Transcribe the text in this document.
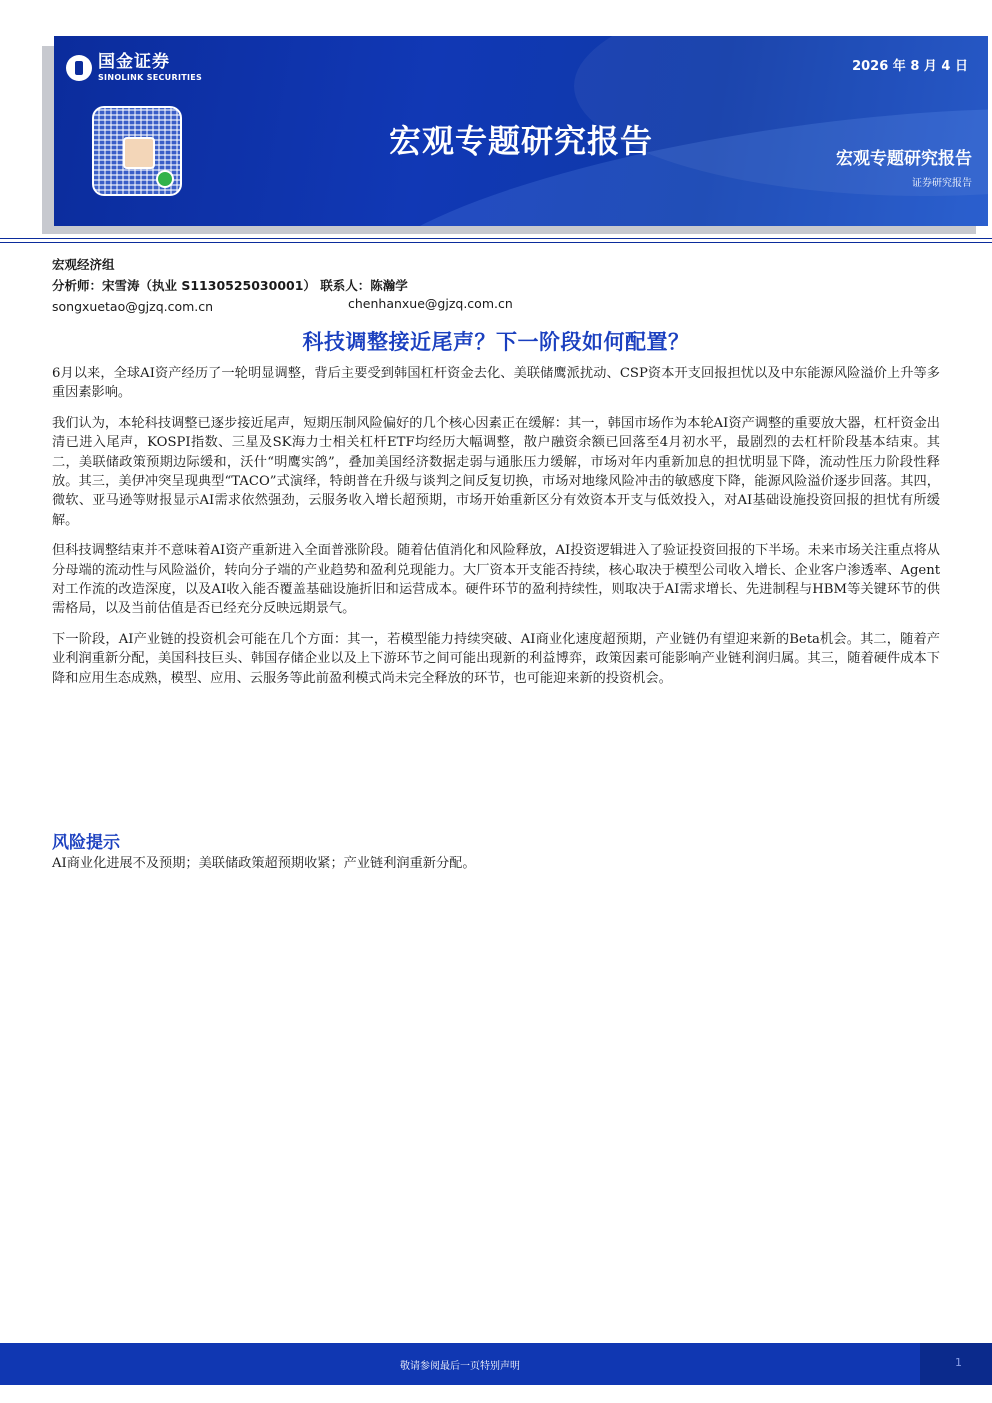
国金证券
SINOLINK SECURITIES
宏观专题研究报告
2026 年 8 月 4 日
宏观专题研究报告
证券研究报告
宏观经济组
分析师：宋雪涛（执业 S1130525030001） 联系人：陈瀚学
songxuetao@gjzq.com.cn	chenhanxue@gjzq.com.cn
科技调整接近尾声？下一阶段如何配置？

6月以来，全球AI资产经历了一轮明显调整，背后主要受到韩国杠杆资金去化、美联储鹰派扰动、CSP资本开支回报担忧以及中东能源风险溢价上升等多重因素影响。

我们认为，本轮科技调整已逐步接近尾声，短期压制风险偏好的几个核心因素正在缓解：其一，韩国市场作为本轮AI资产调整的重要放大器，杠杆资金出清已进入尾声，KOSPI指数、三星及SK海力士相关杠杆ETF均经历大幅调整，散户融资余额已回落至4月初水平，最剧烈的去杠杆阶段基本结束。其二，美联储政策预期边际缓和，沃什“明鹰实鸽”，叠加美国经济数据走弱与通胀压力缓解，市场对年内重新加息的担忧明显下降，流动性压力阶段性释放。其三，美伊冲突呈现典型“TACO”式演绎，特朗普在升级与谈判之间反复切换，市场对地缘风险冲击的敏感度下降，能源风险溢价逐步回落。其四，微软、亚马逊等财报显示AI需求依然强劲，云服务收入增长超预期，市场开始重新区分有效资本开支与低效投入，对AI基础设施投资回报的担忧有所缓解。

但科技调整结束并不意味着AI资产重新进入全面普涨阶段。随着估值消化和风险释放，AI投资逻辑进入了验证投资回报的下半场。未来市场关注重点将从分母端的流动性与风险溢价，转向分子端的产业趋势和盈利兑现能力。大厂资本开支能否持续，核心取决于模型公司收入增长、企业客户渗透率、Agent对工作流的改造深度，以及AI收入能否覆盖基础设施折旧和运营成本。硬件环节的盈利持续性，则取决于AI需求增长、先进制程与HBM等关键环节的供需格局，以及当前估值是否已经充分反映远期景气。

下一阶段，AI产业链的投资机会可能在几个方面：其一，若模型能力持续突破、AI商业化速度超预期，产业链仍有望迎来新的Beta机会。其二，随着产业利润重新分配，美国科技巨头、韩国存储企业以及上下游环节之间可能出现新的利益博弈，政策因素可能影响产业链利润归属。其三，随着硬件成本下降和应用生态成熟，模型、应用、云服务等此前盈利模式尚未完全释放的环节，也可能迎来新的投资机会。

风险提示
AI商业化进展不及预期；美联储政策超预期收紧；产业链利润重新分配。
敬请参阅最后一页特别声明	1
